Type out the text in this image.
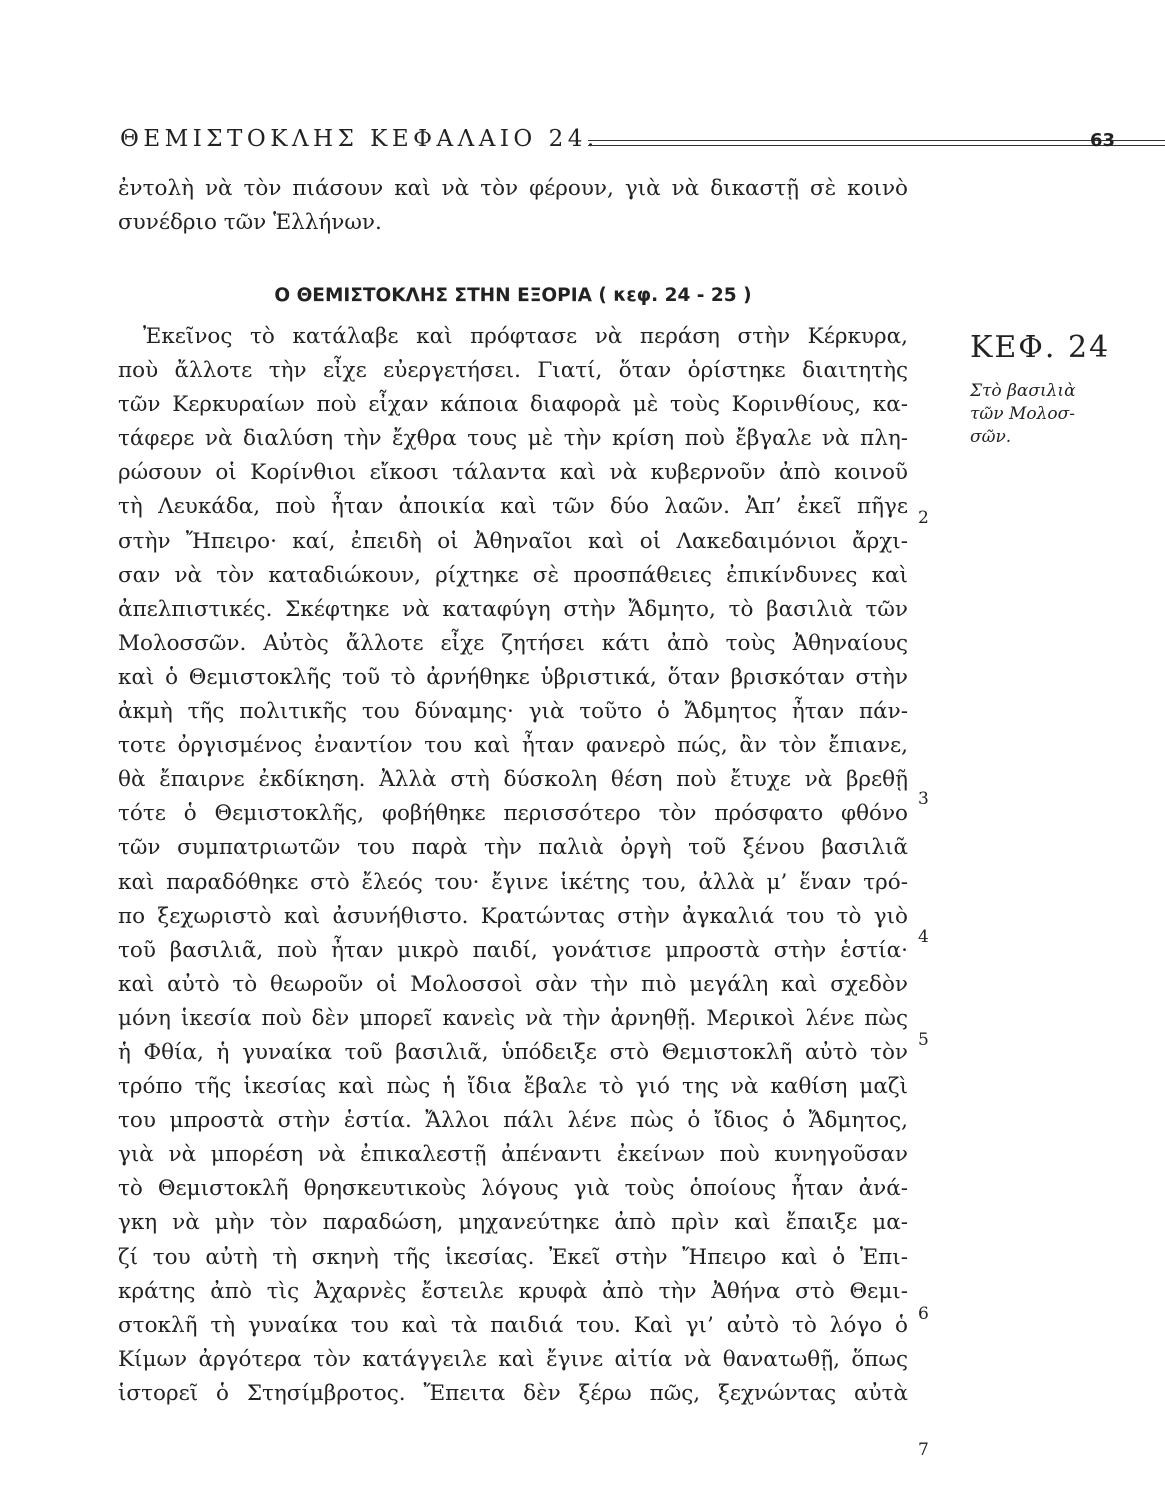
ΘΕΜΙΣΤΟΚΛΗΣ ΚΕΦΑΛΑΙΟ 24.	63
ἐντολὴ νὰ τὸν πιάσουν καὶ νὰ τὸν φέρουν, γιὰ νὰ δικαστῇ σὲ κοινὸ
συνέδριο τῶν Ἑλλήνων.
Ο ΘΕΜΙΣΤΟΚΛΗΣ ΣΤΗΝ ΕΞΟΡΙΑ ( κεφ. 24 - 25 )
Ἐκεῖνος τὸ κατάλαβε καὶ πρόφτασε νὰ περάση στὴν Κέρκυρα,
ποὺ ἄλλοτε τὴν εἶχε εὐεργετήσει. Γιατί, ὅταν ὁρίστηκε διαιτητὴς
τῶν Κερκυραίων ποὺ εἶχαν κάποια διαφορὰ μὲ τοὺς Κορινθίους, κα-
τάφερε νὰ διαλύση τὴν ἔχθρα τους μὲ τὴν κρίση ποὺ ἔβγαλε νὰ πλη-
ρώσουν οἱ Κορίνθιοι εἴκοσι τάλαντα καὶ νὰ κυβερνοῦν ἀπὸ κοινοῦ
τὴ Λευκάδα, ποὺ ἦταν ἀποικία καὶ τῶν δύο λαῶν. Ἀπ’ ἐκεῖ πῆγε
στὴν Ἤπειρο· καί, ἐπειδὴ οἱ Ἀθηναῖοι καὶ οἱ Λακεδαιμόνιοι ἄρχι-
σαν νὰ τὸν καταδιώκουν, ρίχτηκε σὲ προσπάθειες ἐπικίνδυνες καὶ
ἀπελπιστικές. Σκέφτηκε νὰ καταφύγη στὴν Ἄδμητο, τὸ βασιλιὰ τῶν
Μολοσσῶν. Αὐτὸς ἄλλοτε εἶχε ζητήσει κάτι ἀπὸ τοὺς Ἀθηναίους
καὶ ὁ Θεμιστοκλῆς τοῦ τὸ ἀρνήθηκε ὑβριστικά, ὅταν βρισκόταν στὴν
ἀκμὴ τῆς πολιτικῆς του δύναμης· γιὰ τοῦτο ὁ Ἄδμητος ἦταν πάν-
τοτε ὀργισμένος ἐναντίον του καὶ ἦταν φανερὸ πώς, ἂν τὸν ἔπιανε,
θὰ ἔπαιρνε ἐκδίκηση. Ἀλλὰ στὴ δύσκολη θέση ποὺ ἔτυχε νὰ βρεθῇ
τότε ὁ Θεμιστοκλῆς, φοβήθηκε περισσότερο τὸν πρόσφατο φθόνο
τῶν συμπατριωτῶν του παρὰ τὴν παλιὰ ὀργὴ τοῦ ξένου βασιλιᾶ
καὶ παραδόθηκε στὸ ἔλεός του· ἔγινε ἱκέτης του, ἀλλὰ μ’ ἕναν τρό-
πο ξεχωριστὸ καὶ ἀσυνήθιστο. Κρατώντας στὴν ἀγκαλιά του τὸ γιὸ
τοῦ βασιλιᾶ, ποὺ ἦταν μικρὸ παιδί, γονάτισε μπροστὰ στὴν ἑστία·
καὶ αὐτὸ τὸ θεωροῦν οἱ Μολοσσοὶ σὰν τὴν πιὸ μεγάλη καὶ σχεδὸν
μόνη ἱκεσία ποὺ δὲν μπορεῖ κανεὶς νὰ τὴν ἀρνηθῇ. Μερικοὶ λένε πὼς
ἡ Φθία, ἡ γυναίκα τοῦ βασιλιᾶ, ὑπόδειξε στὸ Θεμιστοκλῆ αὐτὸ τὸν
τρόπο τῆς ἱκεσίας καὶ πὼς ἡ ἴδια ἔβαλε τὸ γιό της νὰ καθίση μαζὶ
του μπροστὰ στὴν ἑστία. Ἄλλοι πάλι λένε πὼς ὁ ἴδιος ὁ Ἄδμητος,
γιὰ νὰ μπορέση νὰ ἐπικαλεστῇ ἀπέναντι ἐκείνων ποὺ κυνηγοῦσαν
τὸ Θεμιστοκλῆ θρησκευτικοὺς λόγους γιὰ τοὺς ὁποίους ἦταν ἀνά-
γκη νὰ μὴν τὸν παραδώση, μηχανεύτηκε ἀπὸ πρὶν καὶ ἔπαιξε μα-
ζί του αὐτὴ τὴ σκηνὴ τῆς ἱκεσίας. Ἐκεῖ στὴν Ἤπειρο καὶ ὁ Ἐπι-
κράτης ἀπὸ τὶς Ἀχαρνὲς ἔστειλε κρυφὰ ἀπὸ τὴν Ἀθήνα στὸ Θεμι-
στοκλῆ τὴ γυναίκα του καὶ τὰ παιδιά του. Καὶ γι’ αὐτὸ τὸ λόγο ὁ
Κίμων ἀργότερα τὸν κατάγγειλε καὶ ἔγινε αἰτία νὰ θανατωθῇ, ὅπως
ἱστορεῖ ὁ Στησίμβροτος. Ἔπειτα δὲν ξέρω πῶς, ξεχνώντας αὐτὰ
ΚΕΦ. 24
Στὸ βασιλιὰ
τῶν Μολοσ-
σῶν.
2
3
4
5
6
7
